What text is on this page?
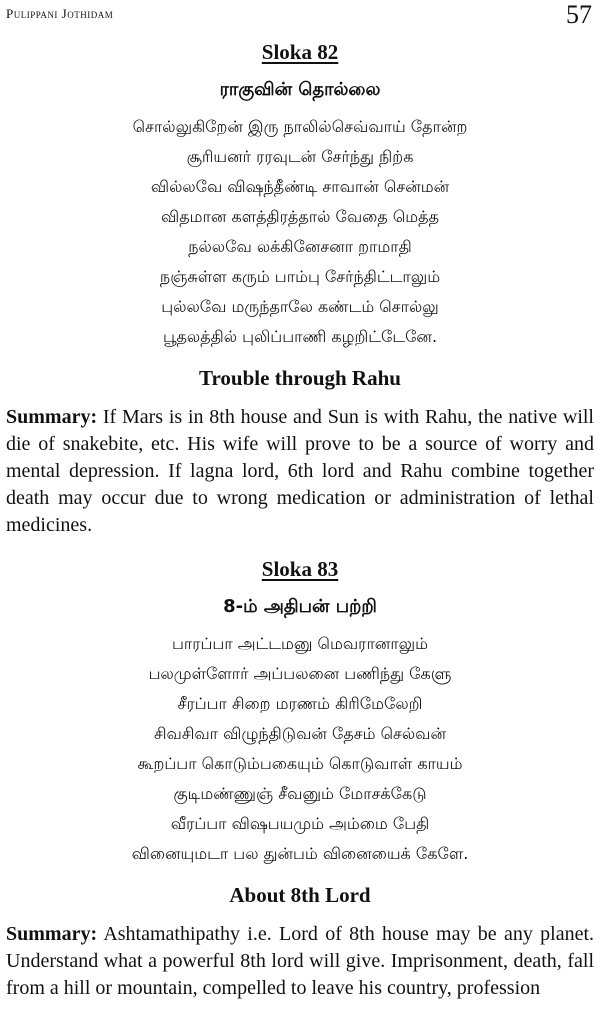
Pulippani Jothidam	57
Sloka 82
ராகுவின் தொல்லை
சொல்லுகிறேன் இரு நாலில்செவ்வாய் தோன்ற
சூரியனர் ரரவுடன் சேர்ந்து நிற்க
வில்லவே விஷந்தீண்டி சாவான் சென்மன்
விதமான களத்திரத்தால் வேதை மெத்த
நல்லவே லக்கினேசனா றாமாதி
நஞ்சுள்ள கரும் பாம்பு சேர்ந்திட்டாலும்
புல்லவே மருந்தாலே கண்டம் சொல்லு
பூதலத்தில் புலிப்பாணி கழறிட்டேனே.
Trouble through Rahu

Summary: If Mars is in 8th house and Sun is with Rahu, the native will die of snakebite, etc. His wife will prove to be a source of worry and mental depression. If lagna lord, 6th lord and Rahu combine together death may occur due to wrong medication or administration of lethal medicines.

Sloka 83
8-ம் அதிபன் பற்றி
பாரப்பா அட்டமனு மெவரானாலும்
பலமுள்ளோர் அப்பலனை பணிந்து கேளு
சீரப்பா சிறை மரணம் கிரிமேலேறி
சிவசிவா விழுந்திடுவன் தேசம் செல்வன்
கூறப்பா கொடும்பகையும் கொடுவாள் காயம்
குடிமண்ணுஞ் சீவனும் மோசக்கேடு
வீரப்பா விஷபயமும் அம்மை பேதி
வினையுமடா பல துன்பம் வினையைக் கேளே.
About 8th Lord

Summary: Ashtamathipathy i.e. Lord of 8th house may be any planet. Understand what a powerful 8th lord will give. Imprisonment, death, fall from a hill or mountain, compelled to leave his country, profession
